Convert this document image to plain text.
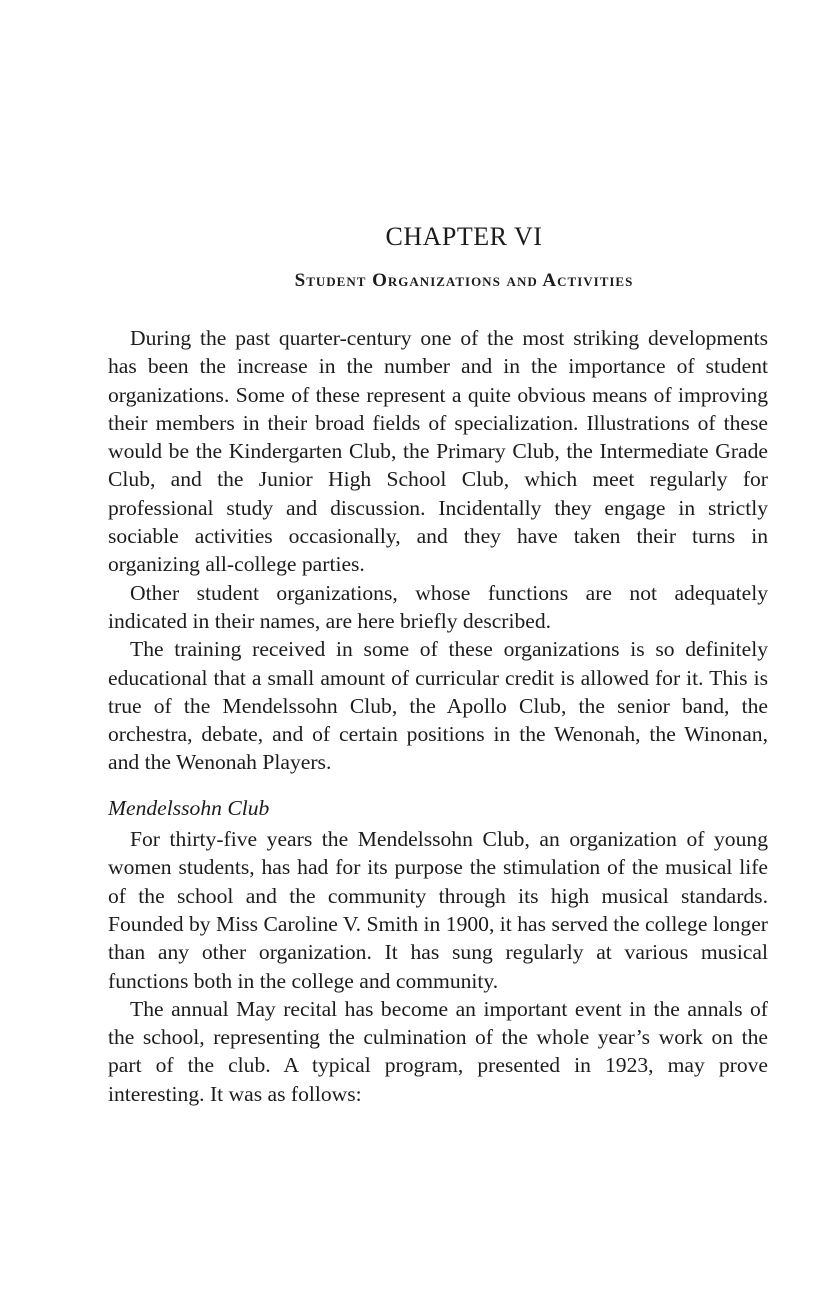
CHAPTER VI
Student Organizations and Activities

During the past quarter-century one of the most striking developments has been the increase in the number and in the importance of student organizations. Some of these represent a quite obvious means of improving their members in their broad fields of specialization. Illustrations of these would be the Kindergarten Club, the Primary Club, the Intermediate Grade Club, and the Junior High School Club, which meet regularly for professional study and discussion. Incidentally they engage in strictly sociable activities occasionally, and they have taken their turns in organizing all-college parties.

Other student organizations, whose functions are not adequately indicated in their names, are here briefly described.

The training received in some of these organizations is so definitely educational that a small amount of curricular credit is allowed for it. This is true of the Mendelssohn Club, the Apollo Club, the senior band, the orchestra, debate, and of certain positions in the Wenonah, the Winonan, and the Wenonah Players.

Mendelssohn Club

For thirty-five years the Mendelssohn Club, an organization of young women students, has had for its purpose the stimulation of the musical life of the school and the community through its high musical standards. Founded by Miss Caroline V. Smith in 1900, it has served the college longer than any other organization. It has sung regularly at various musical functions both in the college and community.

The annual May recital has become an important event in the annals of the school, representing the culmination of the whole year’s work on the part of the club. A typical program, presented in 1923, may prove interesting. It was as follows:
